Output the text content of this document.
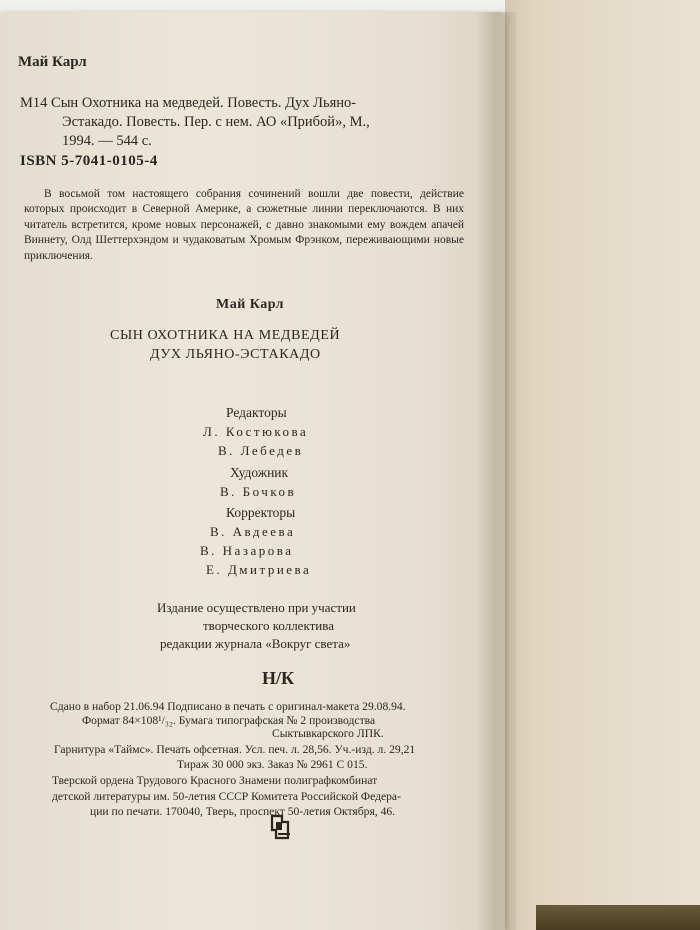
Май Карл
М14 Сын Охотника на медведей. Повесть. Дух Льяно-
Эстакадо. Повесть. Пер. с нем. АО «Прибой», М.,
1994. — 544 с.
ISBN 5-7041-0105-4
В восьмой том настоящего собрания сочинений вошли две повести, действие которых происходит в Северной Америке, а сюжетные линии переключаются. В них читатель встретится, кроме новых персонажей, с давно знакомыми ему вождем апачей Виннету, Олд Шеттерхэндом и чудаковатым Хромым Фрэнком, переживающими новые приключения.
Май Карл
СЫН ОХОТНИКА НА МЕДВЕДЕЙ
ДУХ ЛЬЯНО-ЭСТАКАДО
Редакторы
Л. Костюкова
В. Лебедев
Художник
В. Бочков
Корректоры
В. Авдеева
В. Назарова
Е. Дмитриева
Издание осуществлено при участии
творческого коллектива
редакции журнала «Вокруг света»
Н/К
Сдано в набор 21.06.94 Подписано в печать с оригинал-макета 29.08.94.
Формат 84×108¹/₃₂. Бумага типографская № 2 производства
Сыктывкарского ЛПК.
Гарнитура «Таймс». Печать офсетная. Усл. печ. л. 28,56. Уч.-изд. л. 29,21
Тираж 30 000 экз. Заказ № 2961 С 015.
Тверской ордена Трудового Красного Знамени полиграфкомбинат
детской литературы им. 50-летия СССР Комитета Российской Федера-
ции по печати. 170040, Тверь, проспект 50-летия Октября, 46.
